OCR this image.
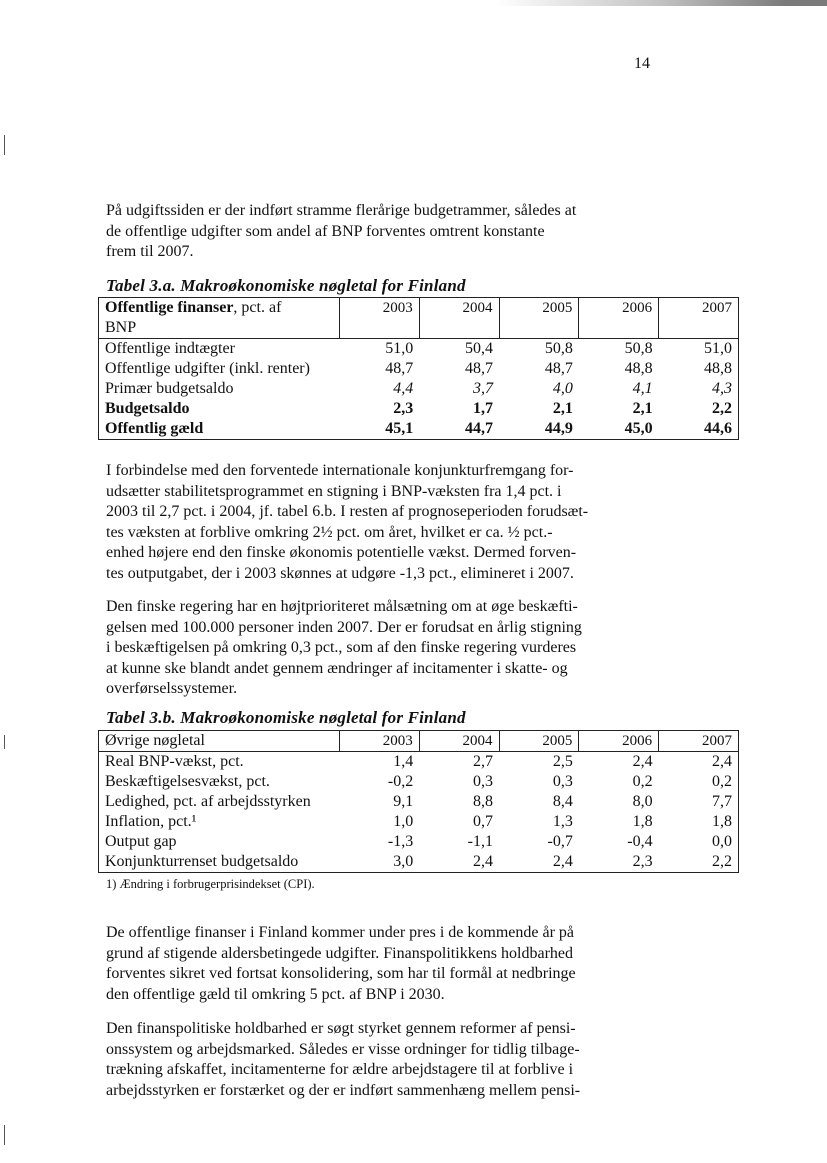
14

På udgiftssiden er der indført stramme flerårige budgetrammer, således at
de offentlige udgifter som andel af BNP forventes omtrent konstante
frem til 2007.

Tabel 3.a. Makroøkonomiske nøgletal for Finland
Offentlige finanser, pct. af
BNP	2003	2004	2005	2006	2007
Offentlige indtægter	51,0	50,4	50,8	50,8	51,0
Offentlige udgifter (inkl. renter)	48,7	48,7	48,7	48,8	48,8
Primær budgetsaldo	4,4	3,7	4,0	4,1	4,3
Budgetsaldo	2,3	1,7	2,1	2,1	2,2
Offentlig gæld	45,1	44,7	44,9	45,0	44,6

I forbindelse med den forventede internationale konjunkturfremgang for-
udsætter stabilitetsprogrammet en stigning i BNP-væksten fra 1,4 pct. i
2003 til 2,7 pct. i 2004, jf. tabel 6.b. I resten af prognoseperioden forudsæt-
tes væksten at forblive omkring 2½ pct. om året, hvilket er ca. ½ pct.-
enhed højere end den finske økonomis potentielle vækst. Dermed forven-
tes outputgabet, der i 2003 skønnes at udgøre -1,3 pct., elimineret i 2007.

Den finske regering har en højtprioriteret målsætning om at øge beskæfti-
gelsen med 100.000 personer inden 2007. Der er forudsat en årlig stigning
i beskæftigelsen på omkring 0,3 pct., som af den finske regering vurderes
at kunne ske blandt andet gennem ændringer af incitamenter i skatte- og
overførselssystemer.

Tabel 3.b. Makroøkonomiske nøgletal for Finland
Øvrige nøgletal	2003	2004	2005	2006	2007
Real BNP-vækst, pct.	1,4	2,7	2,5	2,4	2,4
Beskæftigelsesvækst, pct.	-0,2	0,3	0,3	0,2	0,2
Ledighed, pct. af arbejdsstyrken	9,1	8,8	8,4	8,0	7,7
Inflation, pct.¹	1,0	0,7	1,3	1,8	1,8
Output gap	-1,3	-1,1	-0,7	-0,4	0,0
Konjunkturrenset budgetsaldo	3,0	2,4	2,4	2,3	2,2
1) Ændring i forbrugerprisindekset (CPI).

De offentlige finanser i Finland kommer under pres i de kommende år på
grund af stigende aldersbetingede udgifter. Finanspolitikkens holdbarhed
forventes sikret ved fortsat konsolidering, som har til formål at nedbringe
den offentlige gæld til omkring 5 pct. af BNP i 2030.

Den finanspolitiske holdbarhed er søgt styrket gennem reformer af pensi-
onssystem og arbejdsmarked. Således er visse ordninger for tidlig tilbage-
trækning afskaffet, incitamenterne for ældre arbejdstagere til at forblive i
arbejdsstyrken er forstærket og der er indført sammenhæng mellem pensi-
